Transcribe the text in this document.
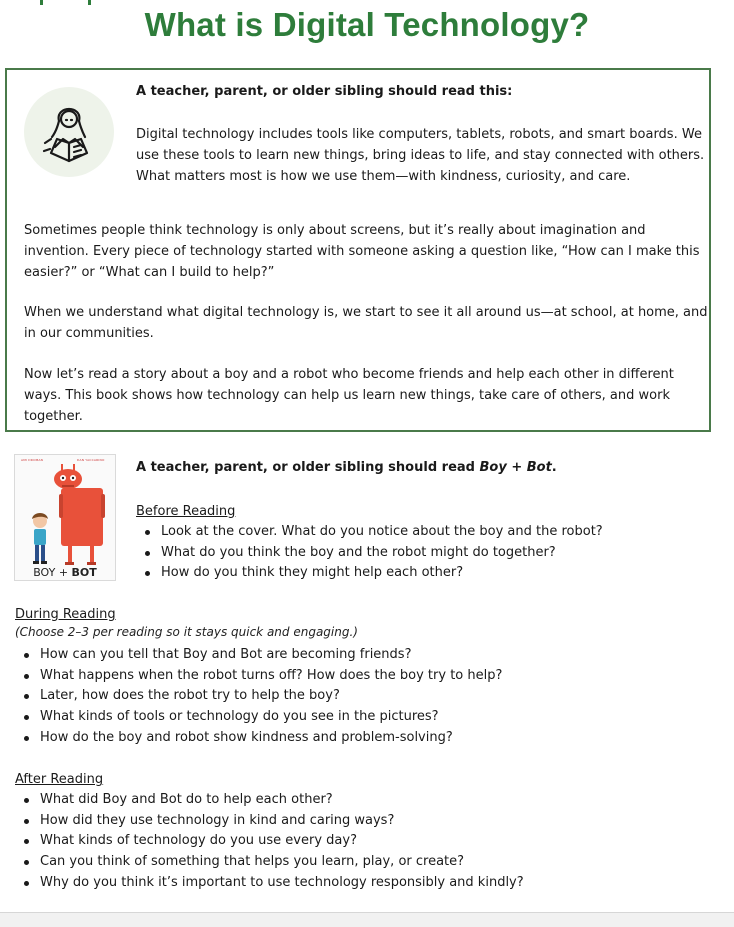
What is Digital Technology?

A teacher, parent, or older sibling should read this:

Digital technology includes tools like computers, tablets, robots, and smart boards. We use these tools to learn new things, bring ideas to life, and stay connected with others. What matters most is how we use them—with kindness, curiosity, and care.

Sometimes people think technology is only about screens, but it’s really about imagination and invention. Every piece of technology started with someone asking a question like, “How can I make this easier?” or “What can I build to help?”

When we understand what digital technology is, we start to see it all around us—at school, at home, and in our communities.

Now let’s read a story about a boy and a robot who become friends and help each other in different ways. This book shows how technology can help us learn new things, take care of others, and work together.

AMI DROMAN	DAN YACCARINO
BOY + BOT

A teacher, parent, or older sibling should read Boy + Bot.

Before Reading

Look at the cover. What do you notice about the boy and the robot?
What do you think the boy and the robot might do together?
How do you think they might help each other?

During Reading

(Choose 2–3 per reading so it stays quick and engaging.)

How can you tell that Boy and Bot are becoming friends?
What happens when the robot turns off? How does the boy try to help?
Later, how does the robot try to help the boy?
What kinds of tools or technology do you see in the pictures?
How do the boy and robot show kindness and problem-solving?

After Reading

What did Boy and Bot do to help each other?
How did they use technology in kind and caring ways?
What kinds of technology do you use every day?
Can you think of something that helps you learn, play, or create?
Why do you think it’s important to use technology responsibly and kindly?
